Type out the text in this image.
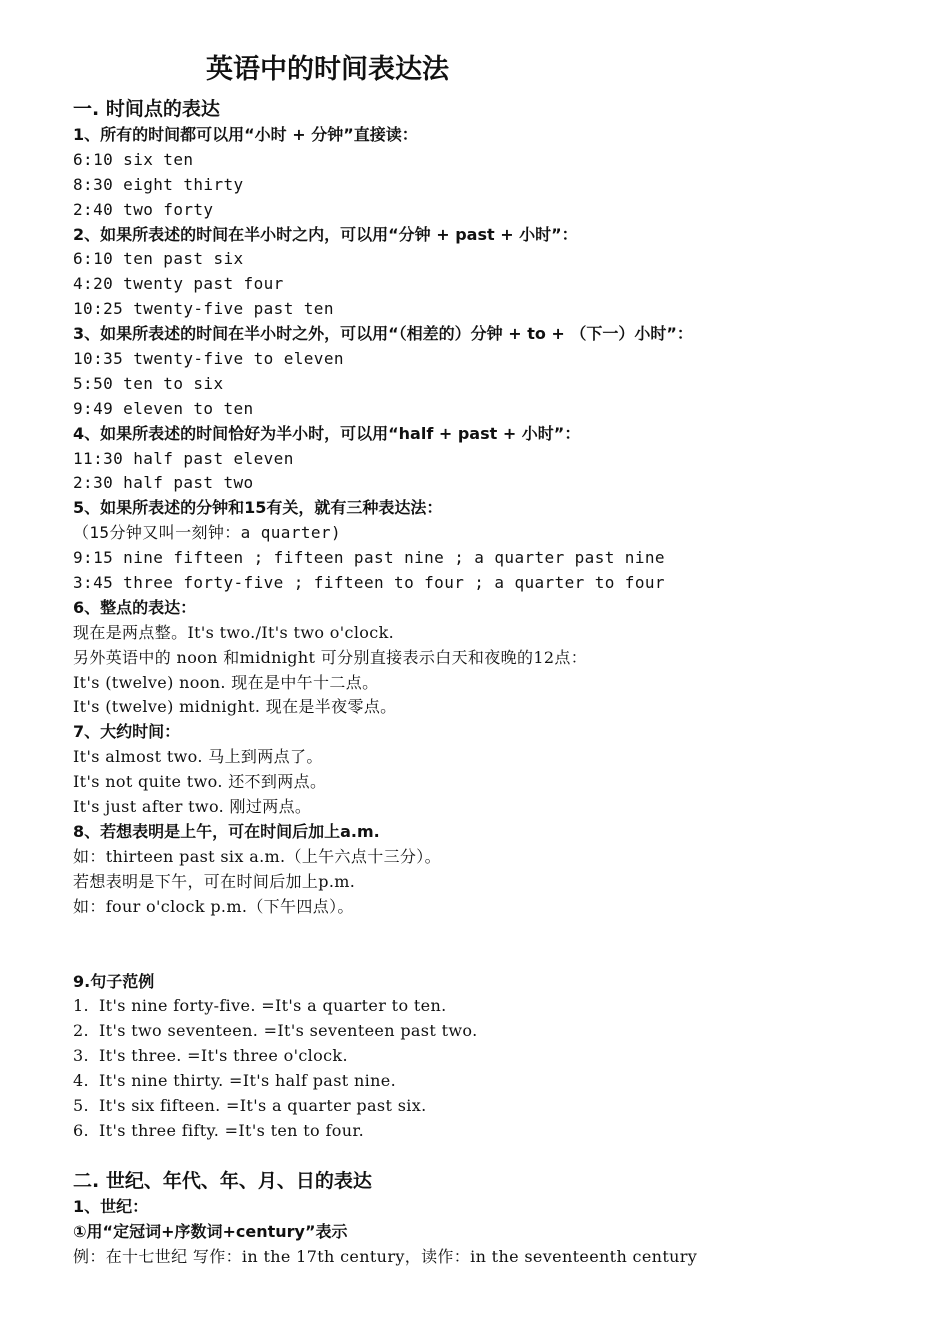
英语中的时间表达法
一. 时间点的表达
1、所有的时间都可以用“小时 + 分钟”直接读：
6:10 six ten
8:30 eight thirty
2:40 two forty
2、如果所表述的时间在半小时之内，可以用“分钟 + past + 小时”：
6:10 ten past six
4:20 twenty past four
10:25 twenty-five past ten
3、如果所表述的时间在半小时之外，可以用“（相差的）分钟 + to + （下一）小时”：
10:35 twenty-five to eleven
5:50 ten to six
9:49 eleven to ten
4、如果所表述的时间恰好为半小时，可以用“half + past + 小时”：
11:30 half past eleven
2:30 half past two
5、如果所表述的分钟和15有关，就有三种表达法：
（15分钟又叫一刻钟：a quarter)
9:15 nine fifteen ; fifteen past nine ; a quarter past nine
3:45 three forty-five ; fifteen to four ; a quarter to four
6、整点的表达：
现在是两点整。It's two./It's two o'clock.
另外英语中的 noon 和midnight 可分别直接表示白天和夜晚的12点：
It's (twelve) noon. 现在是中午十二点。
It's (twelve) midnight. 现在是半夜零点。
7、大约时间：
It's almost two. 马上到两点了。
It's not quite two. 还不到两点。
It's just after two. 刚过两点。
8、若想表明是上午，可在时间后加上a.m.
如：thirteen past six a.m.（上午六点十三分）。
若想表明是下午，可在时间后加上p.m.
如：four o'clock p.m.（下午四点）。
9.句子范例
1. It's nine forty-five. =It's a quarter to ten.
2. It's two seventeen. =It's seventeen past two.
3. It's three. =It's three o'clock.
4. It's nine thirty. =It's half past nine.
5. It's six fifteen. =It's a quarter past six.
6. It's three fifty. =It's ten to four.
二. 世纪、年代、年、月、日的表达
1、世纪：
①用“定冠词+序数词+century”表示
例：在十七世纪 写作：in the 17th century，读作：in the seventeenth century
